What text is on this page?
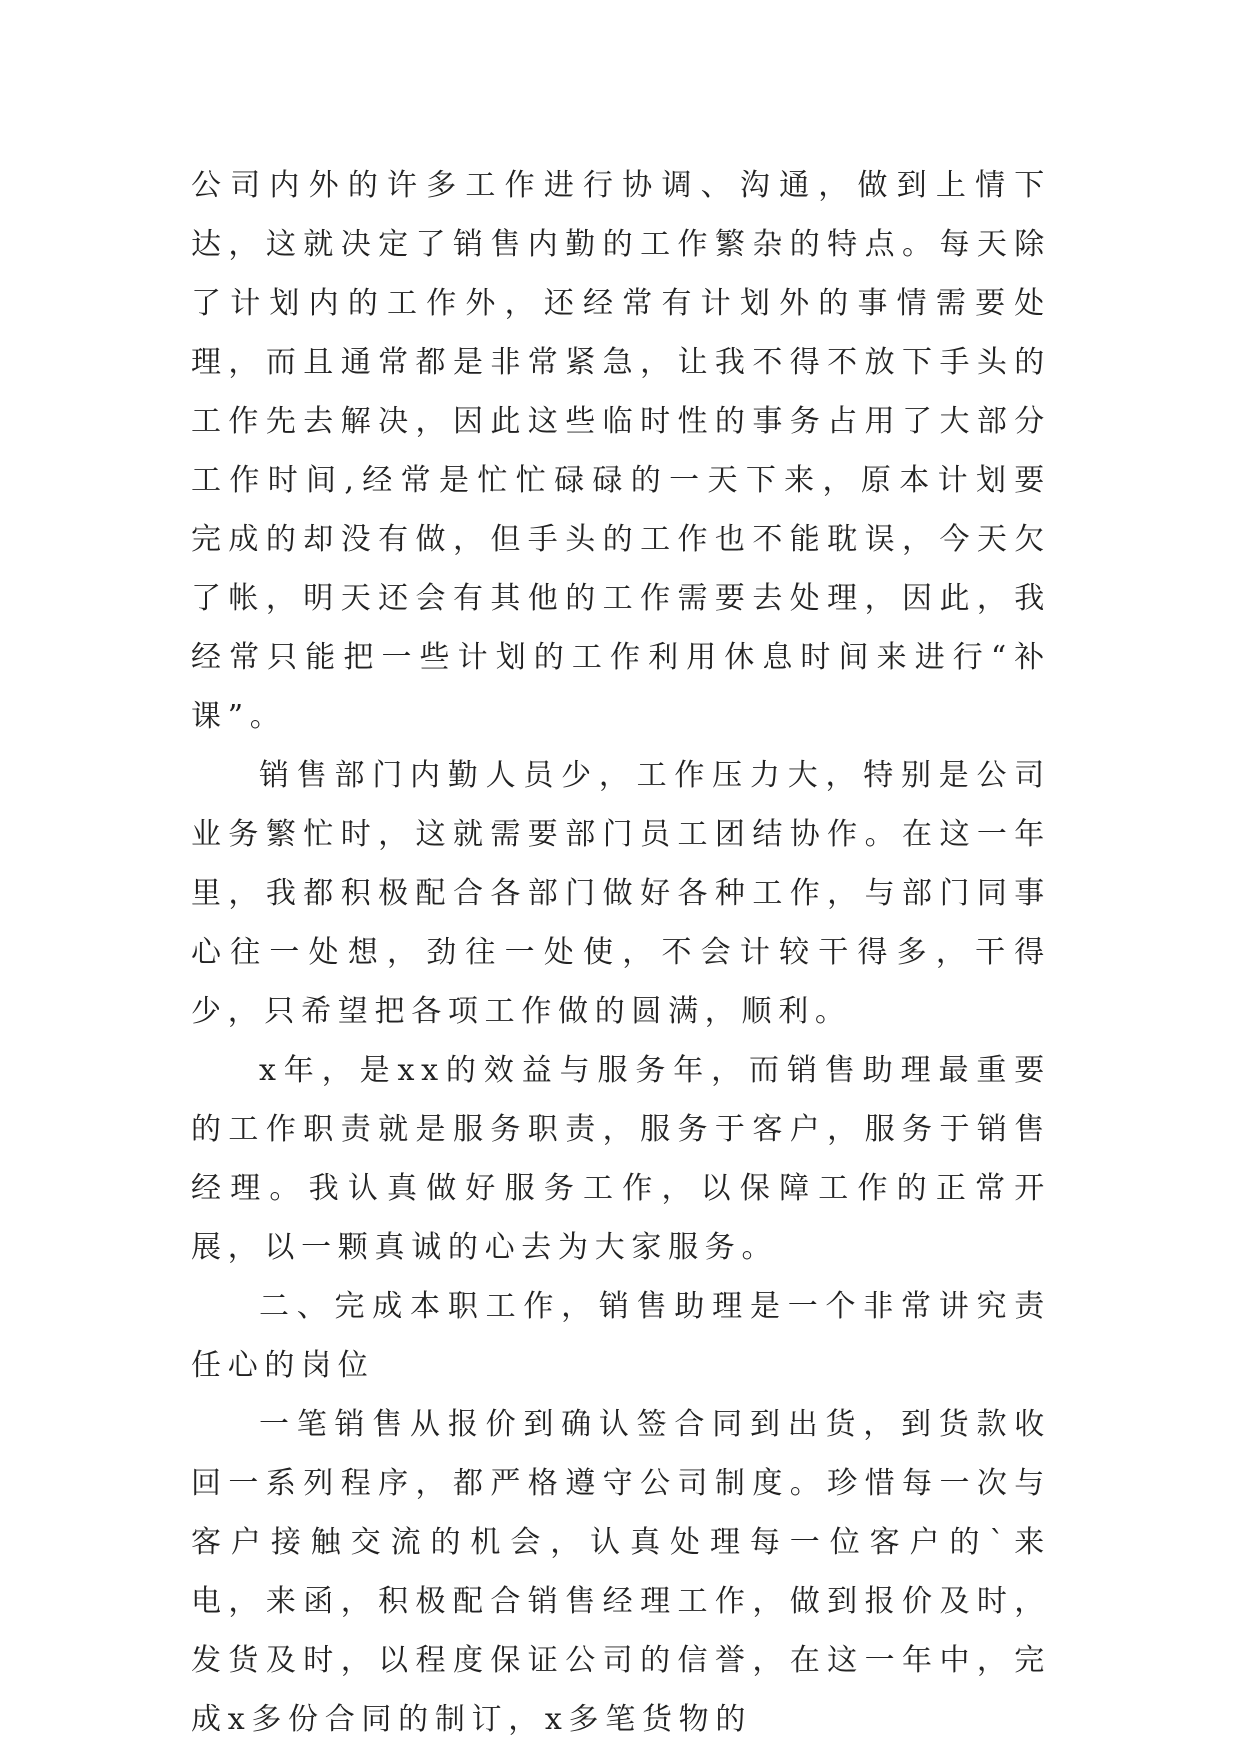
公司内外的许多工作进行协调、沟通，做到上情下达，这就决定了销售内勤的工作繁杂的特点。每天除了计划内的工作外，还经常有计划外的事情需要处理，而且通常都是非常紧急，让我不得不放下手头的工作先去解决，因此这些临时性的事务占用了大部分工作时间,经常是忙忙碌碌的一天下来，原本计划要完成的却没有做，但手头的工作也不能耽误，今天欠了帐，明天还会有其他的工作需要去处理，因此，我经常只能把一些计划的工作利用休息时间来进行“补课”。

销售部门内勤人员少，工作压力大，特别是公司业务繁忙时，这就需要部门员工团结协作。在这一年里，我都积极配合各部门做好各种工作，与部门同事心往一处想，劲往一处使，不会计较干得多，干得少，只希望把各项工作做的圆满，顺利。

x年，是xx的效益与服务年，而销售助理最重要的工作职责就是服务职责，服务于客户，服务于销售经理。我认真做好服务工作，以保障工作的正常开展，以一颗真诚的心去为大家服务。

二、完成本职工作，销售助理是一个非常讲究责任心的岗位

一笔销售从报价到确认签合同到出货，到货款收回一系列程序，都严格遵守公司制度。珍惜每一次与客户接触交流的机会，认真处理每一位客户的`来电，来函，积极配合销售经理工作，做到报价及时，发货及时，以程度保证公司的信誉，在这一年中，完成x多份合同的制订，x多笔货物的
